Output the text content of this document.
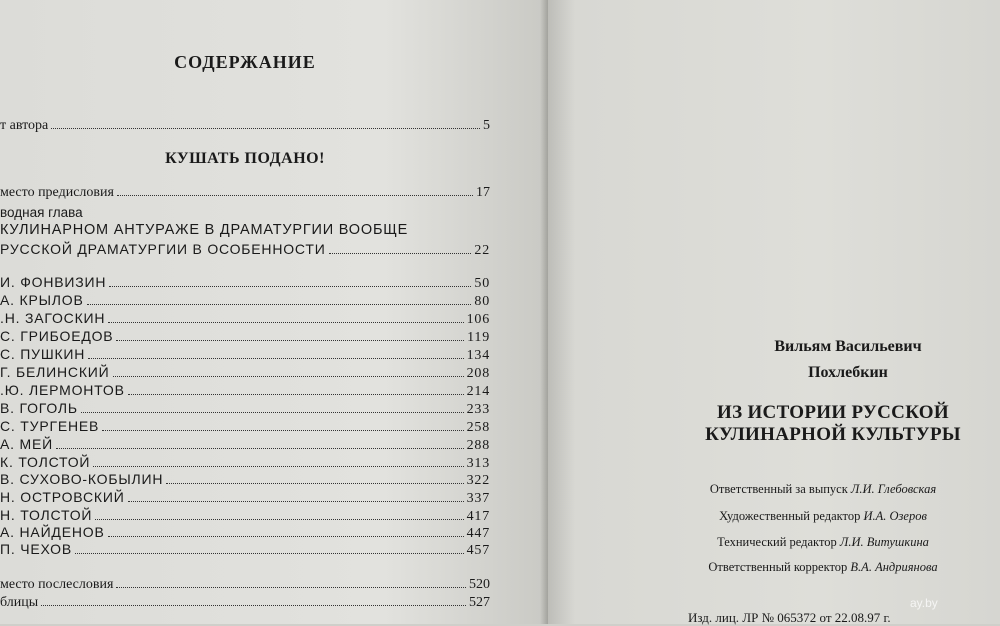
СОДЕРЖАНИЕ
т автора	5
КУШАТЬ ПОДАНО!
место предисловия	17
водная глава
КУЛИНАРНОМ АНТУРАЖЕ В ДРАМАТУРГИИ ВООБЩЕ
РУССКОЙ ДРАМАТУРГИИ В ОСОБЕННОСТИ	22
И. ФОНВИЗИН	50
А. КРЫЛОВ	80
.Н. ЗАГОСКИН	106
С. ГРИБОЕДОВ	119
С. ПУШКИН	134
Г. БЕЛИНСКИЙ	208
.Ю. ЛЕРМОНТОВ	214
В. ГОГОЛЬ	233
С. ТУРГЕНЕВ	258
А. МЕЙ	288
К. ТОЛСТОЙ	313
В. СУХОВО-КОБЫЛИН	322
Н. ОСТРОВСКИЙ	337
Н. ТОЛСТОЙ	417
А. НАЙДЕНОВ	447
П. ЧЕХОВ	457
место послесловия	520
блицы	527
Вильям Васильевич
Похлебкин
ИЗ ИСТОРИИ РУССКОЙ
КУЛИНАРНОЙ КУЛЬТУРЫ
Ответственный за выпуск Л.И. Глебовская
Художественный редактор И.А. Озеров
Технический редактор Л.И. Витушкина
Ответственный корректор В.А. Андриянова
Изд. лиц. ЛР № 065372 от 22.08.97 г.
ay.by
